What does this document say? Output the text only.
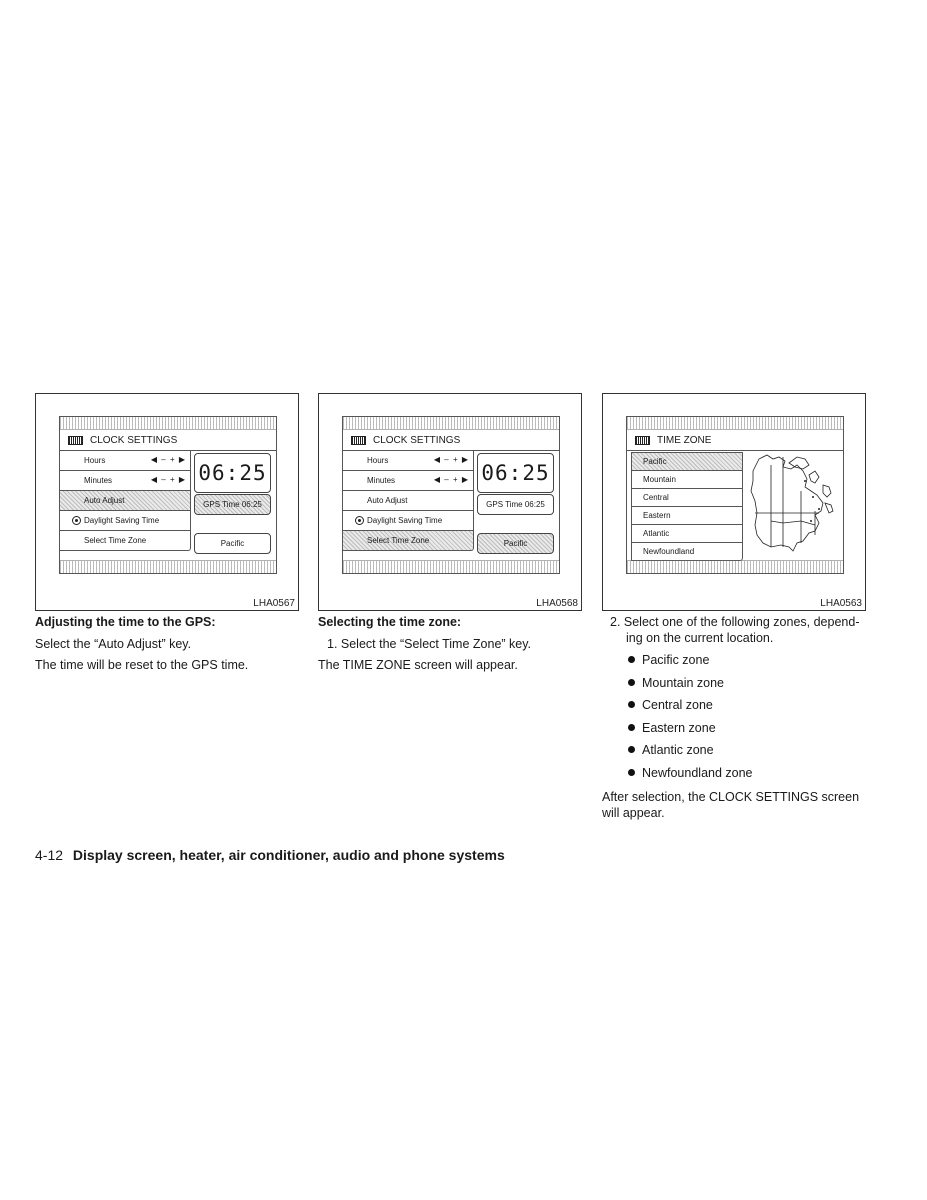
CLOCK SETTINGS
Hours	◀ – + ▶
Minutes	◀ – + ▶
Auto Adjust
Daylight Saving Time
Select Time Zone
06:25
GPS Time 06:25
Pacific
LHA0567
CLOCK SETTINGS
Hours	◀ – + ▶
Minutes	◀ – + ▶
Auto Adjust
Daylight Saving Time
Select Time Zone
06:25
GPS Time 06:25
Pacific
LHA0568
TIME ZONE
Pacific
Mountain
Central
Eastern
Atlantic
Newfoundland
LHA0563

Adjusting the time to the GPS:

Select the “Auto Adjust” key.

The time will be reset to the GPS time.

Selecting the time zone:

1. Select the “Select Time Zone” key.

The TIME ZONE screen will appear.

2. Select one of the following zones, depend-

ing on the current location.

Pacific zone
Mountain zone
Central zone
Eastern zone
Atlantic zone
Newfoundland zone

After selection, the CLOCK SETTINGS screen

will appear.

4-12 Display screen, heater, air conditioner, audio and phone systems
